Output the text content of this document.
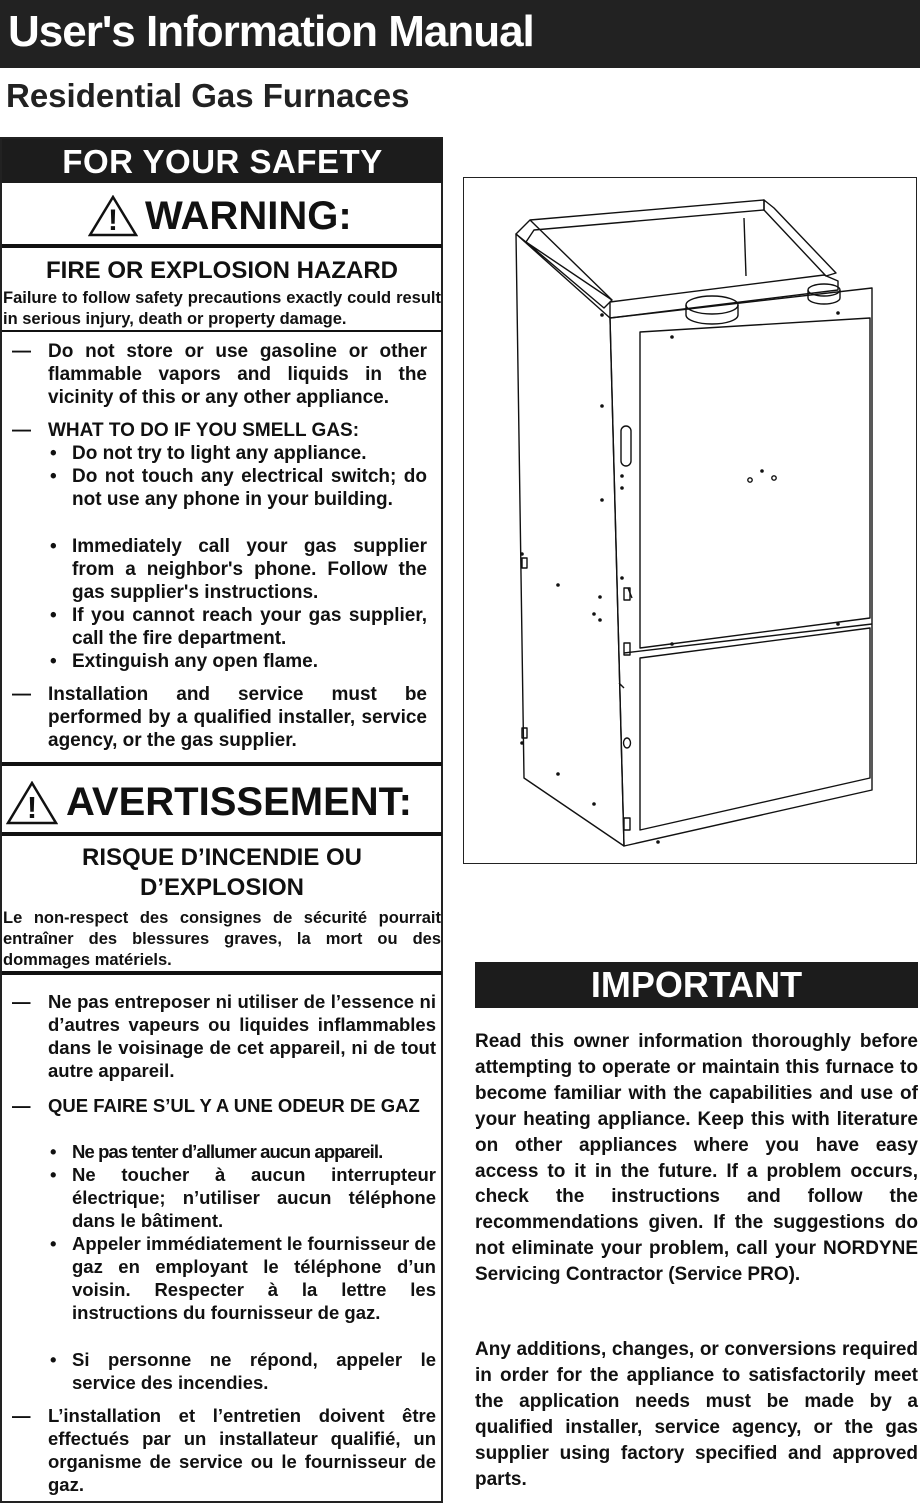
User's Information Manual
Residential Gas Furnaces
FOR YOUR SAFETY
! WARNING:
FIRE OR EXPLOSION HAZARD
Failure to follow safety precautions exactly could result in serious injury, death or property damage.
— Do not store or use gasoline or other flammable vapors and liquids in the vicinity of this or any other appliance.
— WHAT TO DO IF YOU SMELL GAS:
• Do not try to light any appliance.
• Do not touch any electrical switch; do not use any phone in your building.
• Immediately call your gas supplier from a neighbor's phone. Follow the gas supplier's instructions.
• If you cannot reach your gas supplier, call the fire department.
• Extinguish any open flame.
— Installation and service must be performed by a qualified installer, service agency, or the gas supplier.
! AVERTISSEMENT:
RISQUE D’INCENDIE OU
D’EXPLOSION
Le non-respect des consignes de sécurité pourrait entraîner des blessures graves, la mort ou des dommages matériels.
— Ne pas entreposer ni utiliser de l’essence ni d’autres vapeurs ou liquides inflammables dans le voisinage de cet appareil, ni de tout autre appareil.
— QUE FAIRE S’UL Y A UNE ODEUR DE GAZ
• Ne pas tenter d’allumer aucun appareil.
• Ne toucher à aucun interrupteur électrique; n’utiliser aucun téléphone dans le bâtiment.
• Appeler immédiatement le fournisseur de gaz en employant le téléphone d’un voisin. Respecter à la lettre les instructions du fournisseur de gaz.
• Si personne ne répond, appeler le service des incendies.
— L’installation et l’entretien doivent être effectués par un installateur qualifié, un organisme de service ou le fournisseur de gaz.
IMPORTANT
Read this owner information thoroughly before attempting to operate or maintain this furnace to become familiar with the capabilities and use of your heating appliance. Keep this with literature on other appliances where you have easy access to it in the future. If a problem occurs, check the instructions and follow the recommendations given. If the suggestions do not eliminate your problem, call your NORDYNE Servicing Contractor (Service PRO).
Any additions, changes, or conversions required in order for the appliance to satisfactorily meet the application needs must be made by a qualified installer, service agency, or the gas supplier using factory specified and approved parts.
